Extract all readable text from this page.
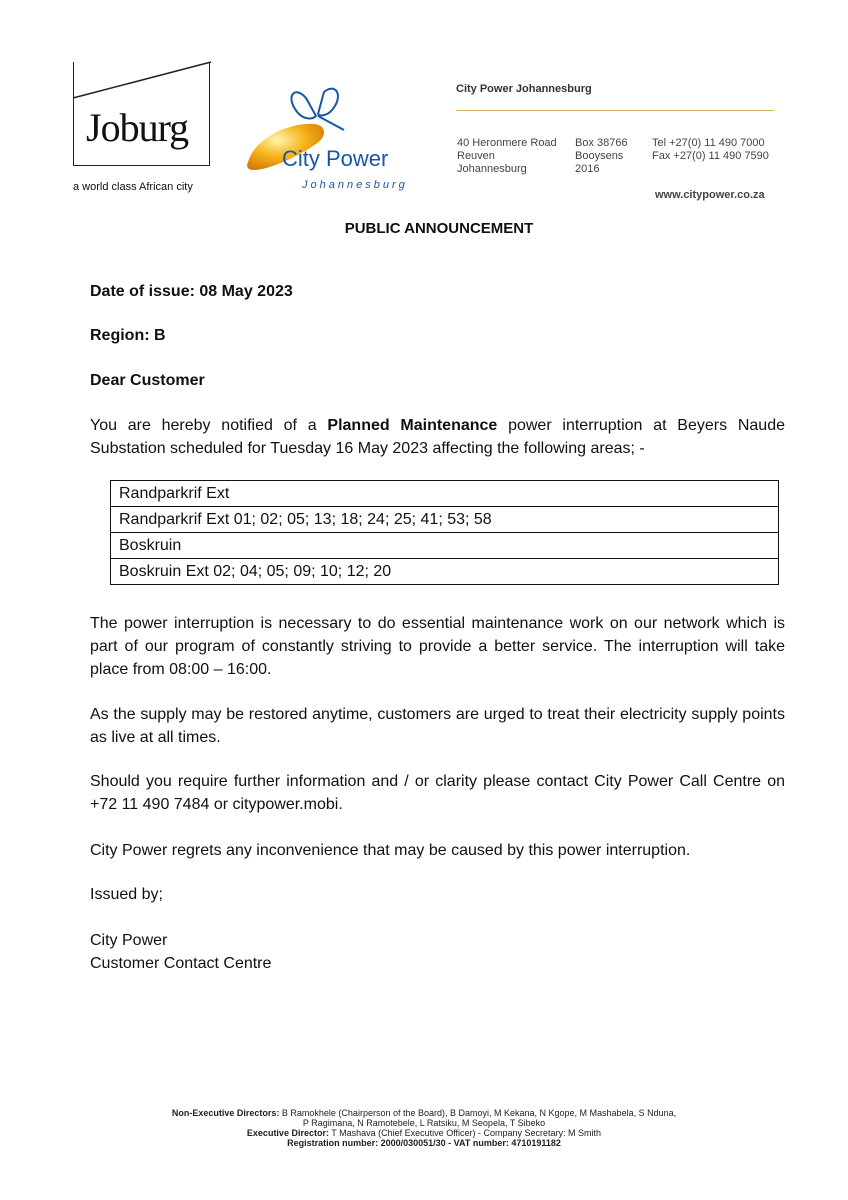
Joburg
a world class African city
City Power
Johannesburg
City Power Johannesburg
40 Heronmere Road
Reuven
Johannesburg
Box 38766
Booysens
2016
Tel +27(0) 11 490 7000
Fax +27(0) 11 490 7590
www.citypower.co.za
PUBLIC ANNOUNCEMENT
Date of issue: 08 May 2023
Region: B
Dear Customer
You are hereby notified of a Planned Maintenance power interruption at Beyers Naude Substation scheduled for Tuesday 16 May 2023 affecting the following areas; -
Randparkrif Ext
Randparkrif Ext 01; 02; 05; 13; 18; 24; 25; 41; 53; 58
Boskruin
Boskruin Ext 02; 04; 05; 09; 10; 12; 20
The power interruption is necessary to do essential maintenance work on our network which is part of our program of constantly striving to provide a better service. The interruption will take place from 08:00 – 16:00.
As the supply may be restored anytime, customers are urged to treat their electricity supply points as live at all times.
Should you require further information and / or clarity please contact City Power Call Centre on +72 11 490 7484 or citypower.mobi.
City Power regrets any inconvenience that may be caused by this power interruption.
Issued by;
City Power
Customer Contact Centre
Non-Executive Directors: B Ramokhele (Chairperson of the Board), B Damoyi, M Kekana, N Kgope, M Mashabela, S Nduna,
P Ragimana, N Ramotebele, L Ratsiku, M Seopela, T Sibeko
Executive Director: T Mashava (Chief Executive Officer) - Company Secretary: M Smith
Registration number: 2000/030051/30 - VAT number: 4710191182
